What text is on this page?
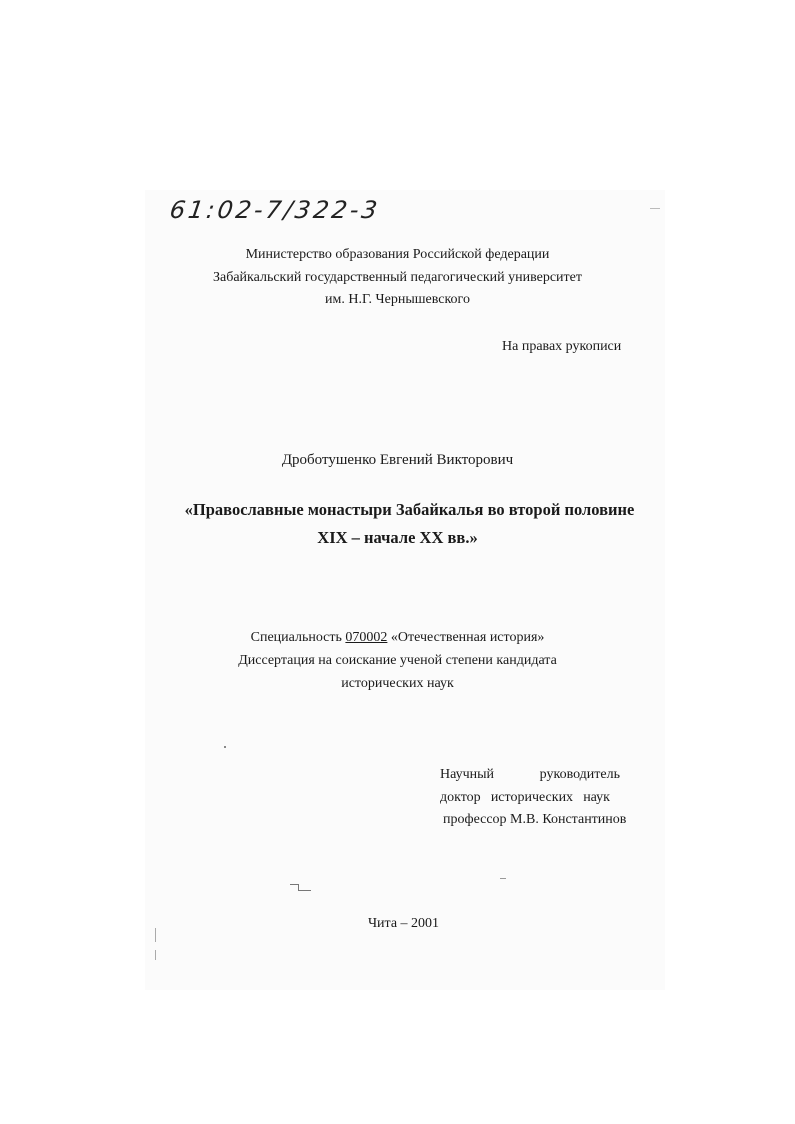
61:02-7/322-3
Министерство образования Российской федерации
Забайкальский государственный педагогический университет
им. Н.Г. Чернышевского
На правах рукописи
Дроботушенко Евгений Викторович
«Православные монастыри Забайкалья во второй половине
XIX – начале XX вв.»
Специальность 070002 «Отечественная история»
Диссертация на соискание ученой степени кандидата
исторических наук
Научный	руководитель
доктор исторических наук
профессор М.В. Константинов
Чита – 2001
